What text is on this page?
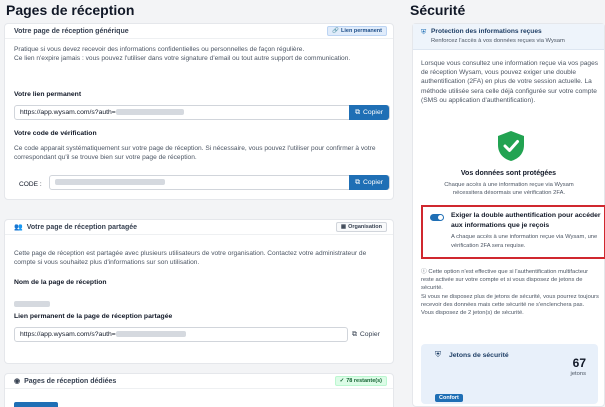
Pages de réception
Votre page de réception générique	🔗 Lien permanent
Pratique si vous devez recevoir des informations confidentielles ou personnelles de façon régulière.
Ce lien n'expire jamais : vous pouvez l'utiliser dans votre signature d'email ou tout autre support de communication.
Votre lien permanent
https://app.wysam.com/s?auth=	⧉ Copier
Votre code de vérification
Ce code apparait systématiquement sur votre page de réception. Si nécessaire, vous pouvez l'utiliser pour confirmer à votre correspondant qu'il se trouve bien sur votre page de réception.
CODE :	⧉ Copier
👥 Votre page de réception partagée	▦ Organisation
Cette page de réception est partagée avec plusieurs utilisateurs de votre organisation. Contactez votre administrateur de compte si vous souhaitez plus d'informations sur son utilisation.
Nom de la page de réception
Lien permanent de la page de réception partagée
https://app.wysam.com/s?auth=	⧉ Copier
◉ Pages de réception dédiées	✓ 78 restante(s)
Sécurité
⛨ Protection des informations reçues
Renforcez l'accès à vos données reçues via Wysam
Lorsque vous consultez une information reçue via vos pages de réception Wysam, vous pouvez exiger une double authentification (2FA) en plus de votre session actuelle. La méthode utilisée sera celle déjà configurée sur votre compte (SMS ou application d'authentification).
Vos données sont protégées
Chaque accès à une information reçue via Wysam nécessitera désormais une vérification 2FA.
Exiger la double authentification pour accéder aux informations que je reçois
A chaque accès à une information reçue via Wysam, une vérification 2FA sera requise.
ⓘ Cette option n'est effective que si l'authentification multifacteur reste activée sur votre compte et si vous disposez de jetons de sécurité.
Si vous ne disposez plus de jetons de sécurité, vous pourrez toujours recevoir des données mais cette sécurité ne s'enclenchera pas.
Vous disposez de 2 jeton(s) de sécurité.
⛨ Jetons de sécurité
67
jetons
Confort
